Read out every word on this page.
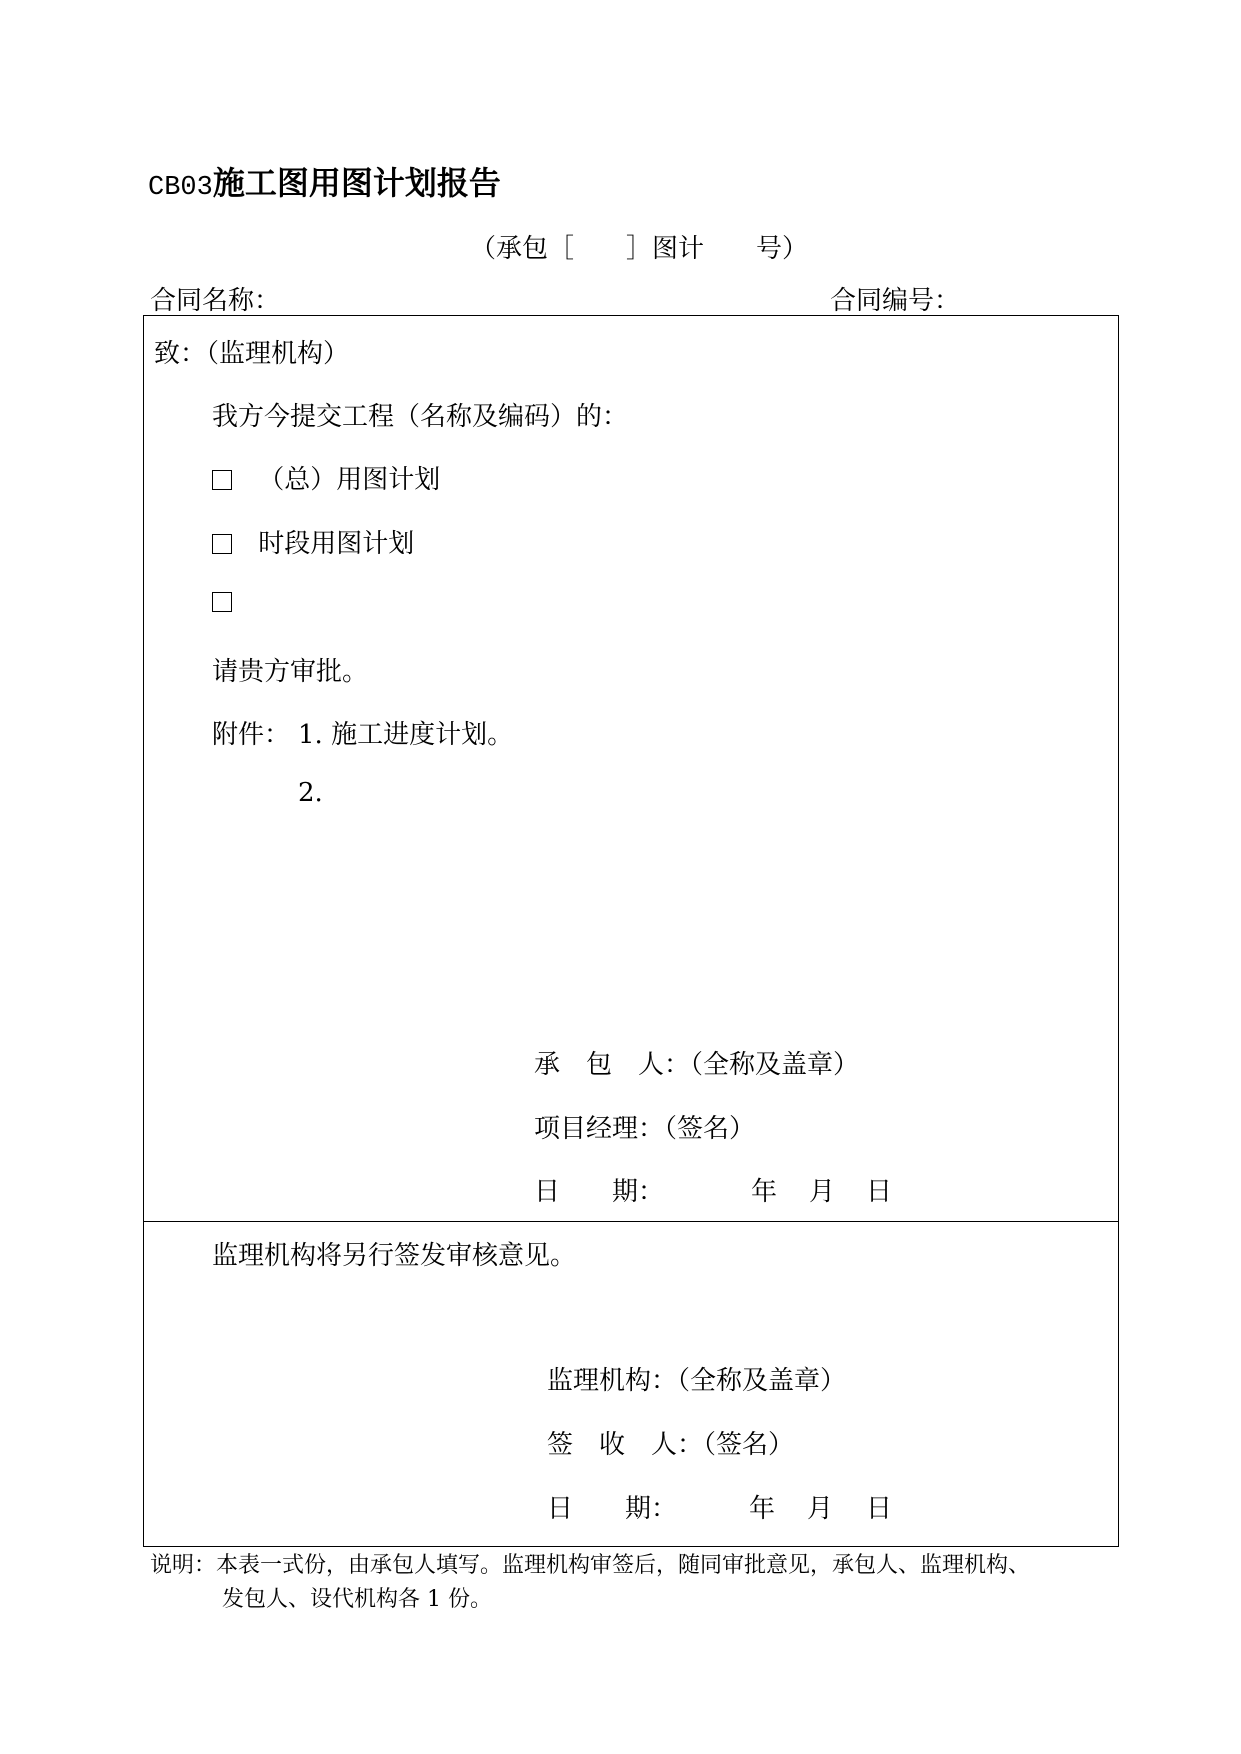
CB03施工图用图计划报告
（承包［　　］图计　　号）
合同名称：	合同编号：
致：（监理机构）
我方今提交工程（名称及编码）的：
（总）用图计划
时段用图计划
请贵方审批。
附件： 1. 施工进度计划。
2.
承　包　人：（全称及盖章）
项目经理：（签名）
日　　期：	年 月 日
监理机构将另行签发审核意见。
监理机构：（全称及盖章）
签　收　人：（签名）
日　　期：	年 月 日
说明：本表一式份，由承包人填写。监理机构审签后，随同审批意见，承包人、监理机构、
发包人、设代机构各 1 份。
